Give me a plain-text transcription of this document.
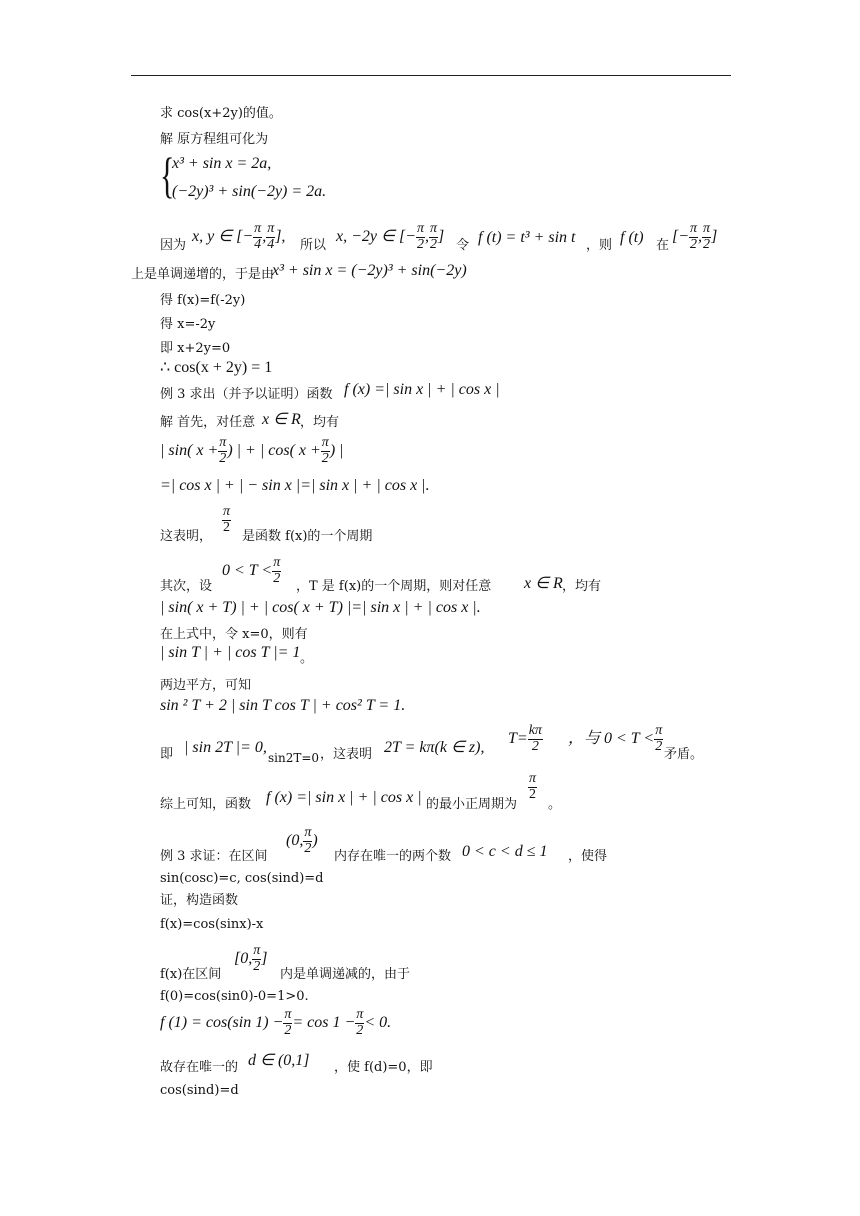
求 cos(x+2y)的值。
解 原方程组可化为
{
x³ + sin x = 2a,
(−2y)³ + sin(−2y) = 2a.
因为
x, y ∈ [− $\frac{\pi}{4}$ , $\frac{\pi}{4}$ ],
所以
x, −2y ∈ [− $\frac{\pi}{2}$ , $\frac{\pi}{2}$ ]
令 f (t) = t³ + sin t ，则 f (t) 在
[− $\frac{\pi}{2}$ , $\frac{\pi}{2}$ ]
上是单调递增的，于是由
x³ + sin x = (−2y)³ + sin(−2y)
得 f(x)=f(-2y)
得 x=-2y
即 x+2y=0
∴ cos(x + 2y) = 1
例 3 求出（并予以证明）函数 f (x) =| sin x | + | cos x |
解 首先，对任意 x ∈ R ，均有
| sin( $x + \frac{\pi}{2}$ ) | + | cos( $x + \frac{\pi}{2}$ ) |
=| cos x | + | − sin x |=| sin x | + | cos x |.
这表明，
$\frac{\pi}{2}$
是函数 f(x)的一个周期
其次，设
$0 < T < \frac{\pi}{2}$
，T 是 f(x)的一个周期，则对任意 x ∈ R ，均有
| sin( x + T) | + | cos( x + T) |=| sin x | + | cos x |.
在上式中，令 x=0，则有
| sin T | + | cos T |= 1 。
两边平方，可知
sin ² T + 2 | sin T cos T | + cos² T = 1.
即 | sin 2T |= 0,
sin2T=0 ，这表明 2T = kπ(k ∈ z),
$T= \frac{k\pi}{2}$ ，与 $0 < T < \frac{\pi}{2}$
矛盾。
综上可知，函数 f (x) =| sin x | + | cos x | 的最小正周期为
$\frac{\pi}{2}$
。
例 3 求证：在区间
(0, $\frac{\pi}{2}$ )
内存在唯一的两个数 0 < c < d ≤ 1 ，使得
sin(cosc)=c, cos(sind)=d
证，构造函数
f(x)=cos(sinx)-x
f(x)在区间
[0, $\frac{\pi}{2}$ ]
内是单调递减的，由于
f(0)=cos(sin0)-0=1>0.
f (1) = cos(sin $1) - \frac{\pi}{2} = \cos 1 - \frac{\pi}{2} < 0$.
故存在唯一的 d ∈ (0,1] ，使 f(d)=0，即
cos(sind)=d
